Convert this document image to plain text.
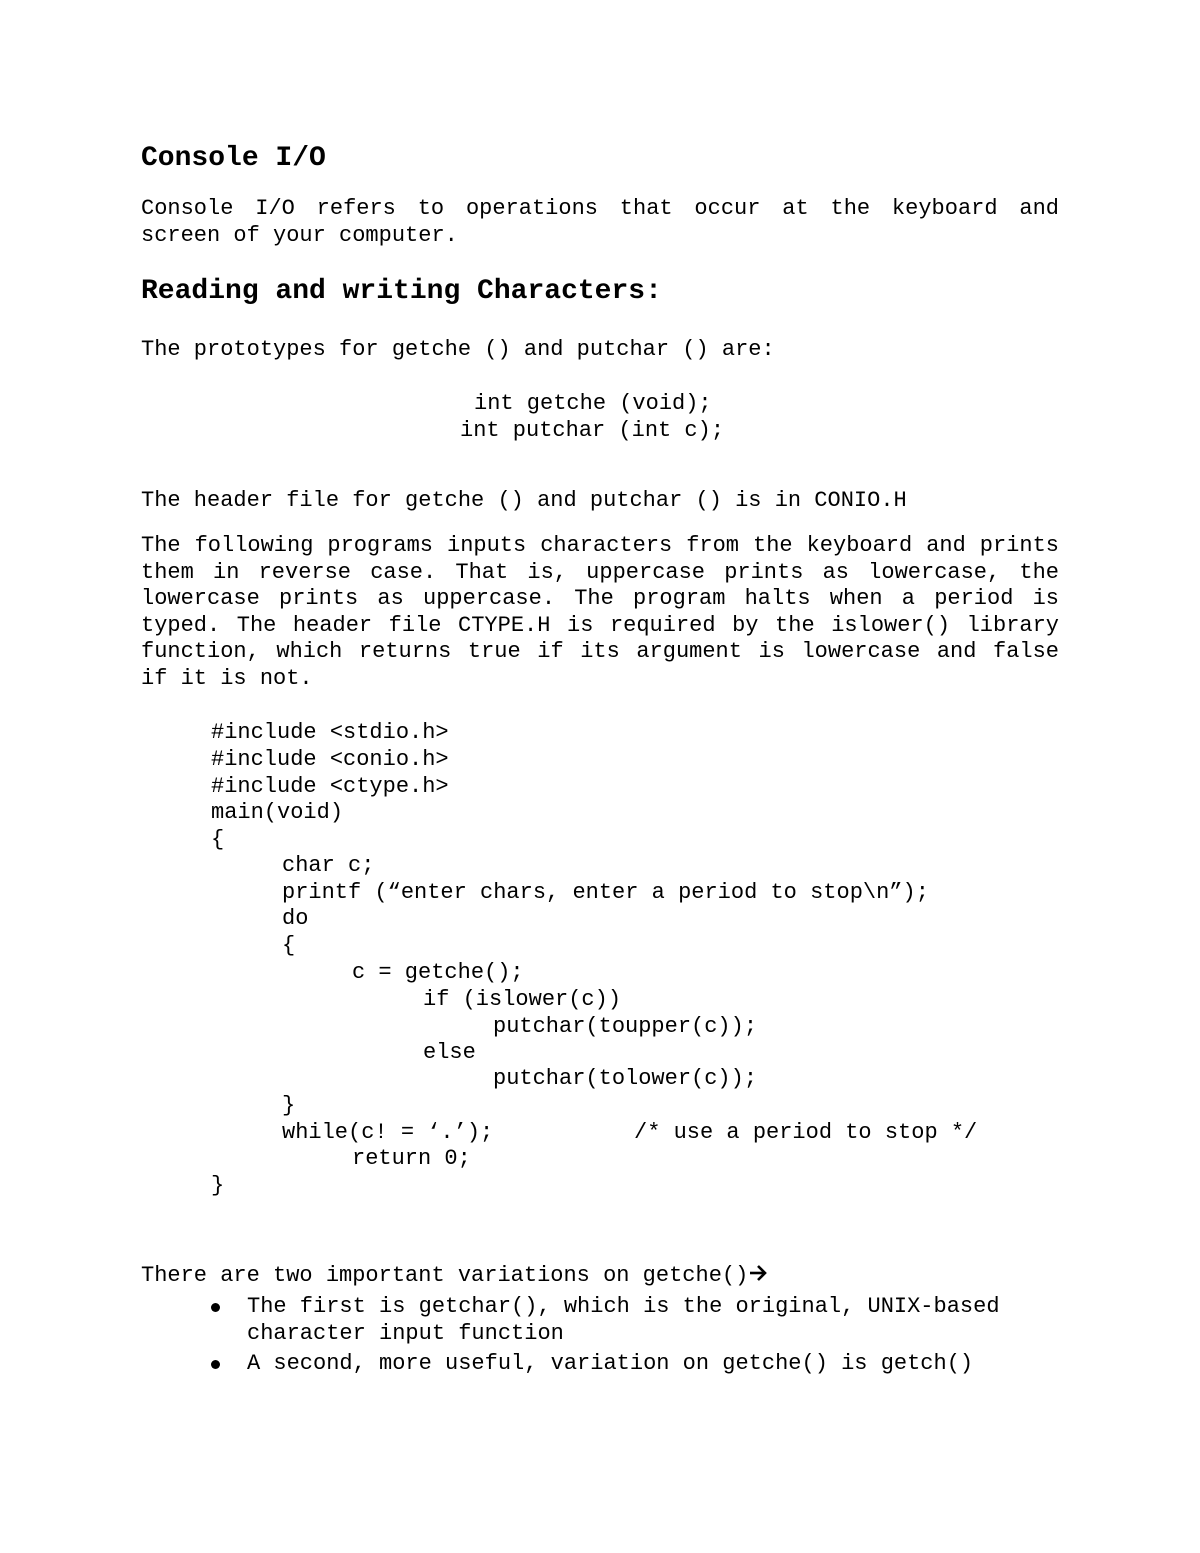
Console I/O

Console I/O refers to operations that occur at the keyboard and screen of your computer.

Reading and writing Characters:
The prototypes for getche () and putchar () are:
int getche (void);
int putchar (int c);
The header file for getche () and putchar () is in CONIO.H

The following programs inputs characters from the keyboard and prints them in reverse case. That is, uppercase prints as lowercase, the lowercase prints as uppercase. The program halts when a period is typed. The header file CTYPE.H is required by the islower() library function, which returns true if its argument is lowercase and false if it is not.

#include <stdio.h>
#include <conio.h>
#include <ctype.h>
main(void)
{
char c;
printf (“enter chars, enter a period to stop\n”);
do
{
c = getche();
if (islower(c))
putchar(toupper(c));
else
putchar(tolower(c));
}
while(c! = ‘.’);	/* use a period to stop */
return 0;
}
There are two important variations on getche()
The first is getchar(), which is the original, UNIX-based
character input function
A second, more useful, variation on getche() is getch()
